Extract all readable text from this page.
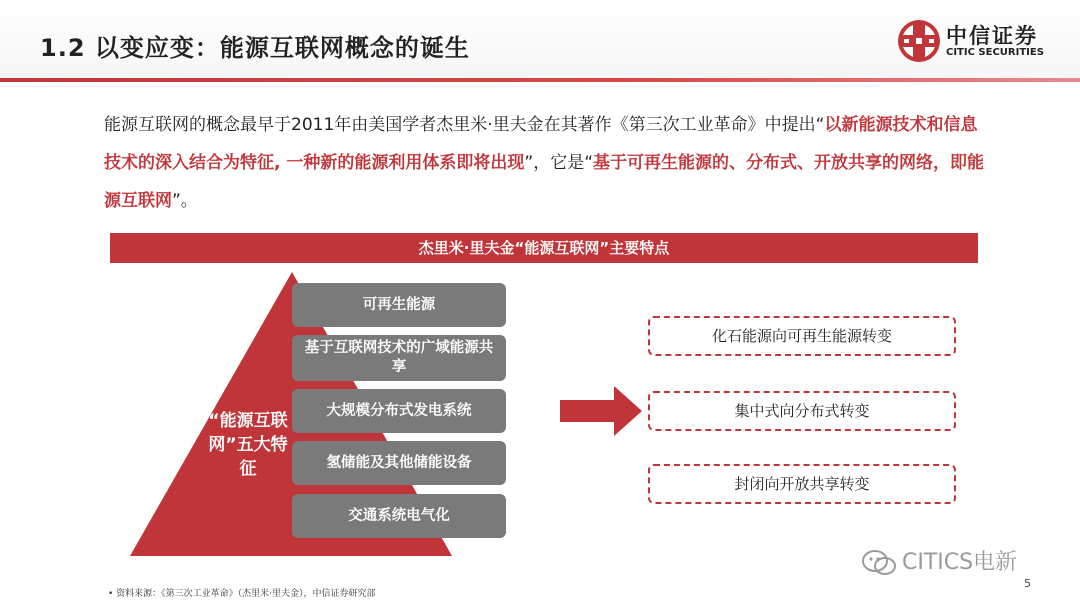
1.2 以变应变：能源互联网概念的诞生	中信证券
CITIC SECURITIES
能源互联网的概念最早于2011年由美国学者杰里米·里夫金在其著作《第三次工业革命》中提出“以新能源技术和信息技术的深入结合为特征, 一种新的能源利用体系即将出现”，它是“基于可再生能源的、分布式、开放共享的网络，即能源互联网”。
杰里米·里夫金“能源互联网”主要特点
“能源互联网”五大特征
可再生能源
基于互联网技术的广域能源共享
大规模分布式发电系统
氢储能及其他储能设备
交通系统电气化
化石能源向可再生能源转变
集中式向分布式转变
封闭向开放共享转变
• 资料来源：《第三次工业革命》（杰里米·里夫金），中信证券研究部
CITICS电新
5
